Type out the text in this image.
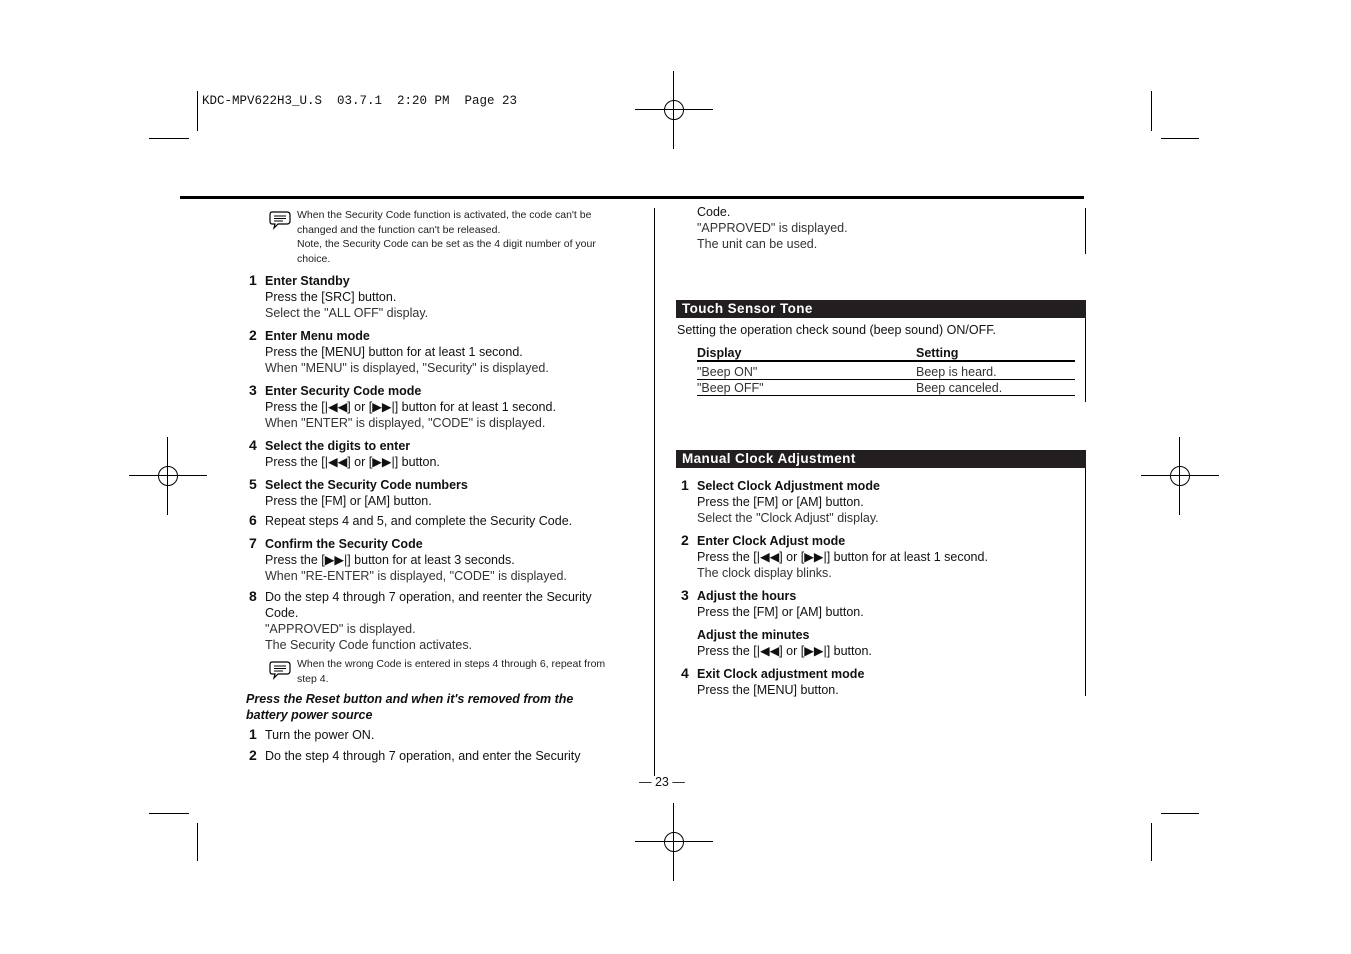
KDC-MPV622H3_U.S  03.7.1  2:20 PM  Page 23
When the Security Code function is activated, the code can't be
changed and the function can't be released.
Note, the Security Code can be set as the 4 digit number of your
choice.
1 Enter Standby
Press the [SRC] button.
Select the "ALL OFF" display.
2 Enter Menu mode
Press the [MENU] button for at least 1 second.
When "MENU" is displayed, "Security" is displayed.
3 Enter Security Code mode
Press the [|◀◀] or [▶▶|] button for at least 1 second.
When "ENTER" is displayed, "CODE" is displayed.
4 Select the digits to enter
Press the [|◀◀] or [▶▶|] button.
5 Select the Security Code numbers
Press the [FM] or [AM] button.
6 Repeat steps 4 and 5, and complete the Security Code.
7 Confirm the Security Code
Press the [▶▶|] button for at least 3 seconds.
When "RE-ENTER" is displayed, "CODE" is displayed.
8 Do the step 4 through 7 operation, and reenter the Security
Code.
"APPROVED" is displayed.
The Security Code function activates.
When the wrong Code is entered in steps 4 through 6, repeat from
step 4.
Press the Reset button and when it's removed from the
battery power source
1 Turn the power ON.
2 Do the step 4 through 7 operation, and enter the Security
Code.
"APPROVED" is displayed.
The unit can be used.
Touch Sensor Tone
Setting the operation check sound (beep sound) ON/OFF.
Display	Setting
"Beep ON"	Beep is heard.
"Beep OFF"	Beep canceled.
Manual Clock Adjustment
1 Select Clock Adjustment mode
Press the [FM] or [AM] button.
Select the "Clock Adjust" display.
2 Enter Clock Adjust mode
Press the [|◀◀] or [▶▶|] button for at least 1 second.
The clock display blinks.
3 Adjust the hours
Press the [FM] or [AM] button.
Adjust the minutes
Press the [|◀◀] or [▶▶|] button.
4 Exit Clock adjustment mode
Press the [MENU] button.
— 23 —
